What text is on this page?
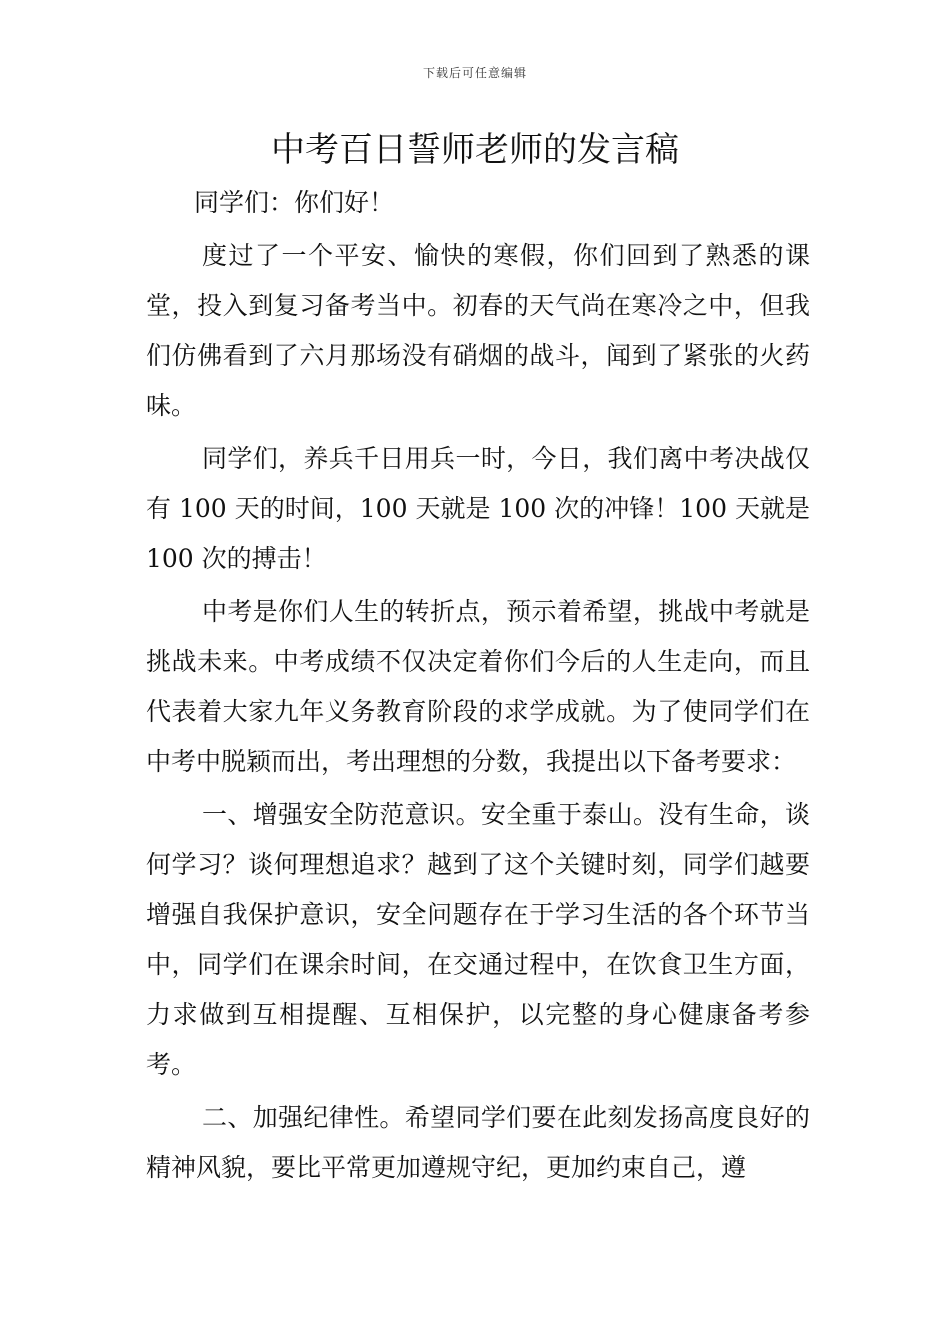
下载后可任意编辑
中考百日誓师老师的发言稿

同学们：你们好！

度过了一个平安、愉快的寒假，你们回到了熟悉的课堂，投入到复习备考当中。初春的天气尚在寒冷之中，但我们仿佛看到了六月那场没有硝烟的战斗，闻到了紧张的火药味。

同学们，养兵千日用兵一时，今日，我们离中考决战仅有 100 天的时间，100 天就是 100 次的冲锋！100 天就是 100 次的搏击！

中考是你们人生的转折点，预示着希望，挑战中考就是挑战未来。中考成绩不仅决定着你们今后的人生走向，而且代表着大家九年义务教育阶段的求学成就。为了使同学们在中考中脱颖而出，考出理想的分数，我提出以下备考要求：

一、增强安全防范意识。安全重于泰山。没有生命，谈何学习？谈何理想追求？越到了这个关键时刻，同学们越要增强自我保护意识，安全问题存在于学习生活的各个环节当中，同学们在课余时间，在交通过程中，在饮食卫生方面，力求做到互相提醒、互相保护，以完整的身心健康备考参考。

二、加强纪律性。希望同学们要在此刻发扬高度良好的精神风貌，要比平常更加遵规守纪，更加约束自己，遵
